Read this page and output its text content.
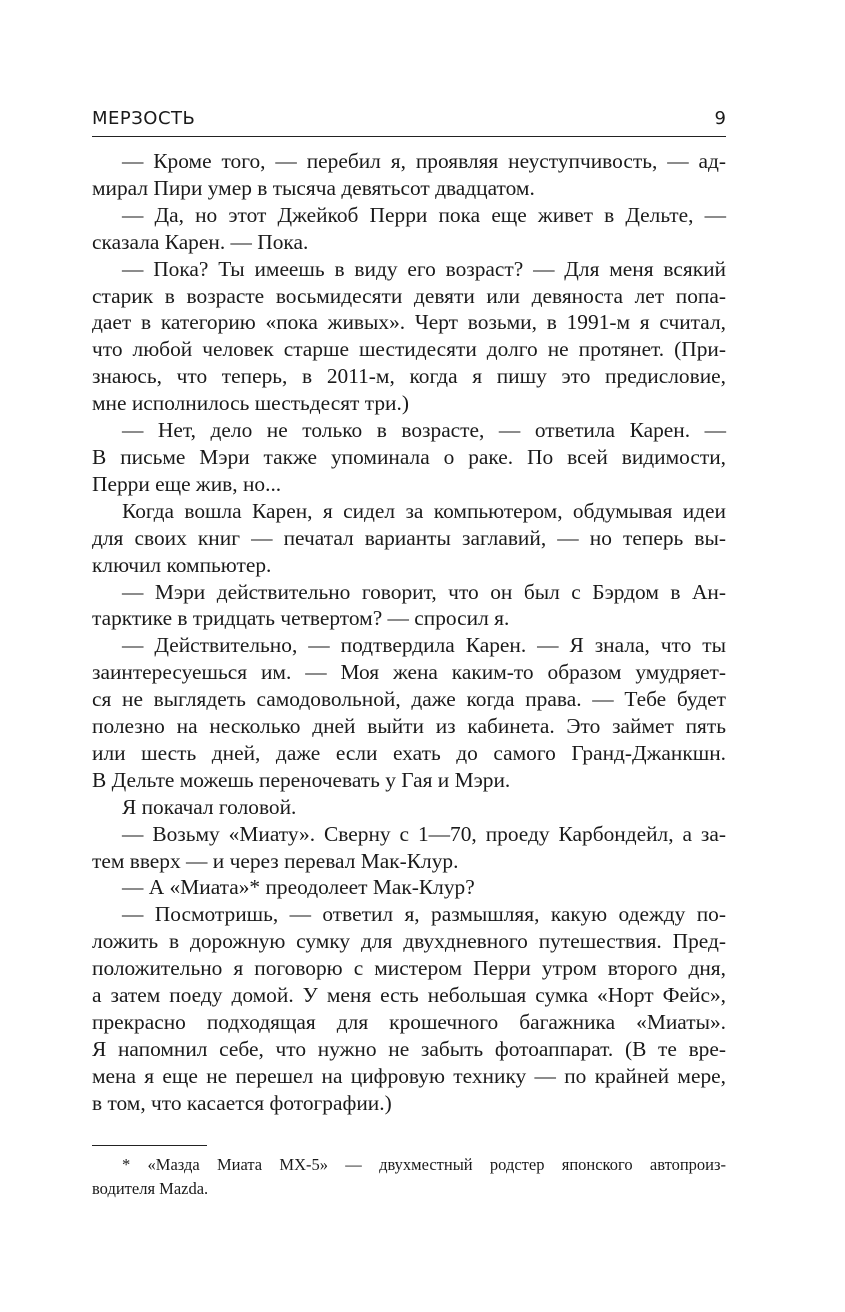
МЕРЗОСТЬ	9

— Кроме того, — перебил я, проявляя неуступчивость, — ад-
мирал Пири умер в тысяча девятьсот двадцатом.

— Да, но этот Джейкоб Перри пока еще живет в Дельте, —
сказала Карен. — Пока.

— Пока? Ты имеешь в виду его возраст? — Для меня всякий
старик в возрасте восьмидесяти девяти или девяноста лет попа-
дает в категорию «пока живых». Черт возьми, в 1991-м я считал,
что любой человек старше шестидесяти долго не протянет. (При-
знаюсь, что теперь, в 2011-м, когда я пишу это предисловие,
мне исполнилось шестьдесят три.)

— Нет, дело не только в возрасте, — ответила Карен. —
В письме Мэри также упоминала о раке. По всей видимости,
Перри еще жив, но...

Когда вошла Карен, я сидел за компьютером, обдумывая идеи
для своих книг — печатал варианты заглавий, — но теперь вы-
ключил компьютер.

— Мэри действительно говорит, что он был с Бэрдом в Ан-
тарктике в тридцать четвертом? — спросил я.

— Действительно, — подтвердила Карен. — Я знала, что ты
заинтересуешься им. — Моя жена каким-то образом умудряет-
ся не выглядеть самодовольной, даже когда права. — Тебе будет
полезно на несколько дней выйти из кабинета. Это займет пять
или шесть дней, даже если ехать до самого Гранд-Джанкшн.
В Дельте можешь переночевать у Гая и Мэри.

Я покачал головой.

— Возьму «Миату». Сверну с 1—70, проеду Карбондейл, а за-
тем вверх — и через перевал Мак-Клур.

— А «Миата»* преодолеет Мак-Клур?

— Посмотришь, — ответил я, размышляя, какую одежду по-
ложить в дорожную сумку для двухдневного путешествия. Пред-
положительно я поговорю с мистером Перри утром второго дня,
а затем поеду домой. У меня есть небольшая сумка «Норт Фейс»,
прекрасно подходящая для крошечного багажника «Миаты».
Я напомнил себе, что нужно не забыть фотоаппарат. (В те вре-
мена я еще не перешел на цифровую технику — по крайней мере,
в том, что касается фотографии.)

* «Мазда Миата МХ-5» — двухместный родстер японского автопроиз-
водителя Mazda.
